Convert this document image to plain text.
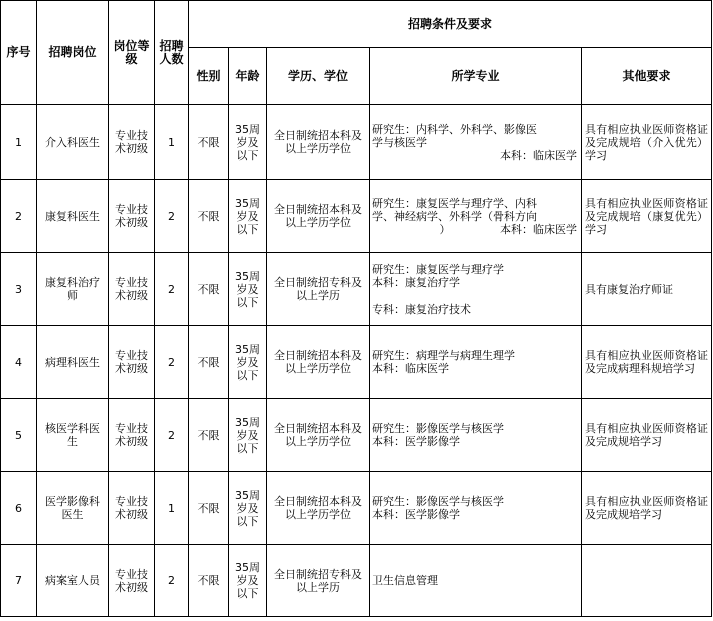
序号	招聘岗位	岗位等级	招聘人数	招聘条件及要求				
				性别	年龄	学历、学位	所学专业	其他要求
1	介入科医生	专业技术初级	1	不限	35周岁及以下	全日制统招本科及以上学历学位	研究生：内科学、外科学、影像医
学与核医学
本科：临床医学	具有相应执业医师资格证及完成规培（介入优先）学习
2	康复科医生	专业技术初级	2	不限	35周岁及以下	全日制统招本科及以上学历学位	研究生：康复医学与理疗学、内科
学、神经病学、外科学（骨科方向
）　　　　　本科：临床医学	具有相应执业医师资格证及完成规培（康复优先）学习
3	康复科治疗师	专业技术初级	2	不限	35周岁及以下	全日制统招专科及以上学历	研究生：康复医学与理疗学
本科：康复治疗学
专科：康复治疗技术	具有康复治疗师证
4	病理科医生	专业技术初级	2	不限	35周岁及以下	全日制统招本科及以上学历学位	研究生：病理学与病理生理学
本科：临床医学	具有相应执业医师资格证及完成病理科规培学习
5	核医学科医生	专业技术初级	2	不限	35周岁及以下	全日制统招本科及以上学历学位	研究生：影像医学与核医学
本科：医学影像学	具有相应执业医师资格证及完成规培学习
6	医学影像科医生	专业技术初级	1	不限	35周岁及以下	全日制统招本科及以上学历学位	研究生：影像医学与核医学
本科：医学影像学	具有相应执业医师资格证及完成规培学习
7	病案室人员	专业技术初级	2	不限	35周岁及以下	全日制统招专科及以上学历	卫生信息管理	
